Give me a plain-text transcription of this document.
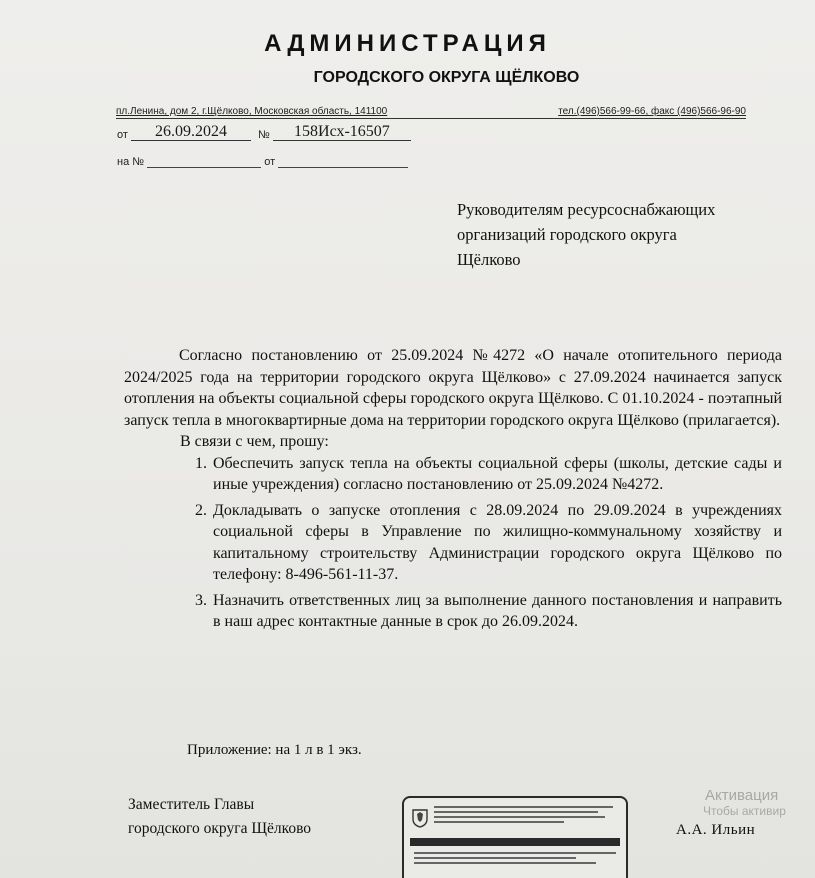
АДМИНИСТРАЦИЯ
ГОРОДСКОГО ОКРУГА ЩЁЛКОВО
пл.Ленина, дом 2, г.Щёлково, Московская область, 141100	тел.(496)566-99-66, факс (496)566-96-90
от 26.09.2024	№ 158Исх-16507
на №	от
Руководителям ресурсоснабжающих
организаций городского округа
Щёлково

Согласно постановлению от 25.09.2024 №4272 «О начале отопительного периода 2024/2025 года на территории городского округа Щёлково» с 27.09.2024 начинается запуск отопления на объекты социальной сферы городского округа Щёлково. С 01.10.2024 - поэтапный запуск тепла в многоквартирные дома на территории городского округа Щёлково (прилагается).

В связи с чем, прошу:
1. Обеспечить запуск тепла на объекты социальной сферы (школы, детские сады и иные учреждения) согласно постановлению от 25.09.2024 №4272.
2. Докладывать о запуске отопления с 28.09.2024 по 29.09.2024 в учреждениях социальной сферы в Управление по жилищно-коммунальному хозяйству и капитальному строительству Администрации городского округа Щёлково по телефону: 8-496-561-11-37.
3. Назначить ответственных лиц за выполнение данного постановления и направить в наш адрес контактные данные в срок до 26.09.2024.
Приложение: на 1 л в 1 экз.
Заместитель Главы
городского округа Щёлково	А.А. Ильин
Активация
Чтобы активир
